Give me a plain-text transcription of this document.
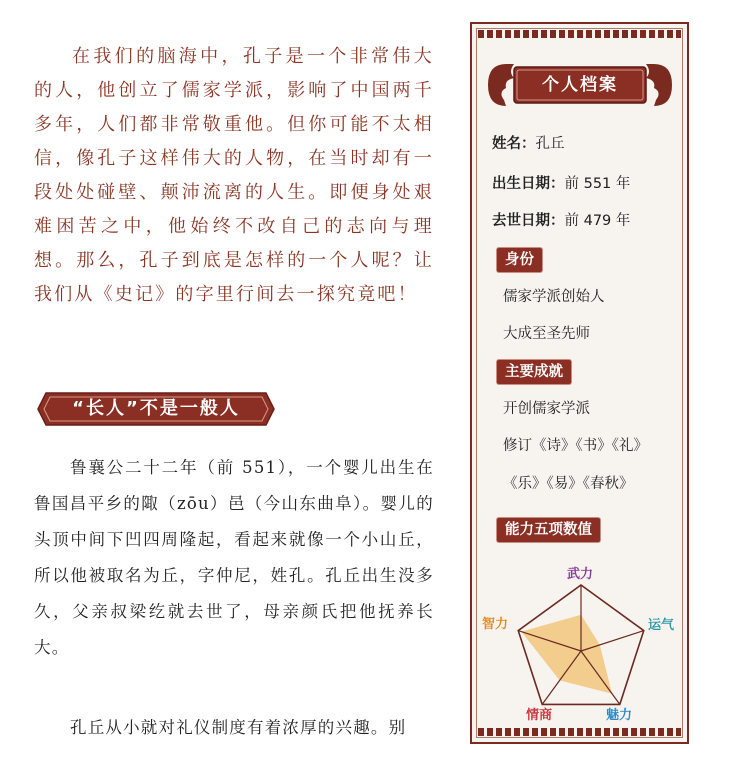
在我们的脑海中，孔子是一个非常伟大的人，他创立了儒家学派，影响了中国两千多年，人们都非常敬重他。但你可能不太相信，像孔子这样伟大的人物，在当时却有一段处处碰壁、颠沛流离的人生。即便身处艰难困苦之中，他始终不改自己的志向与理想。那么，孔子到底是怎样的一个人呢？让我们从《史记》的字里行间去一探究竟吧！

“长人”不是一般人

鲁襄公二十二年（前 551），一个婴儿出生在鲁国昌平乡的陬（zōu）邑（今山东曲阜）。婴儿的头顶中间下凹四周隆起，看起来就像一个小山丘，所以他被取名为丘，字仲尼，姓孔。孔丘出生没多久，父亲叔梁纥就去世了，母亲颜氏把他抚养长大。

孔丘从小就对礼仪制度有着浓厚的兴趣。别

个人档案
姓名：孔丘
出生日期：前 551 年
去世日期：前 479 年
身份
儒家学派创始人
大成至圣先师
主要成就
开创儒家学派
修订《诗》《书》《礼》
《乐》《易》《春秋》
能力五项数值
武力
运气
魅力
情商
智力
